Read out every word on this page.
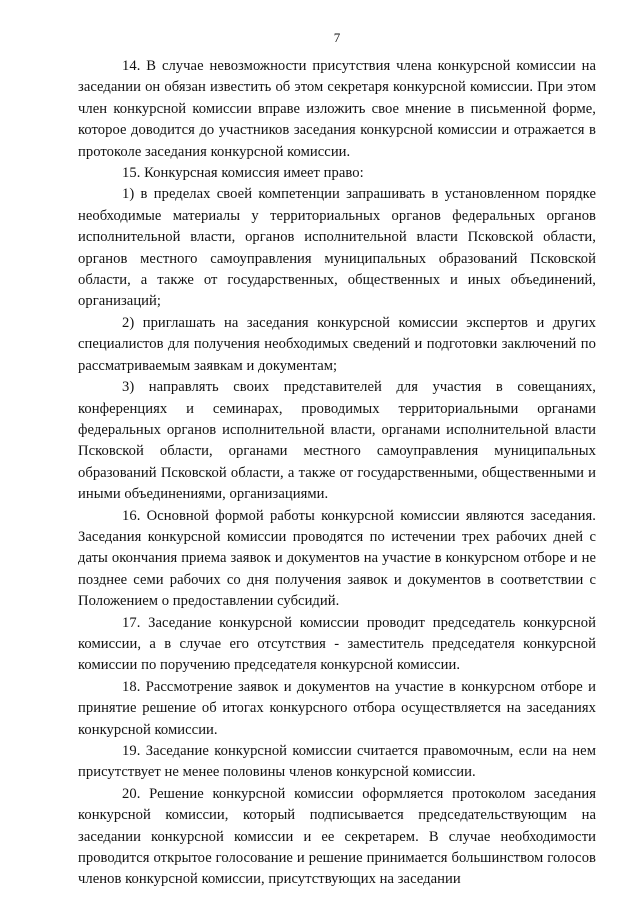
7

14. В случае невозможности присутствия члена конкурсной комиссии на заседании он обязан известить об этом секретаря конкурсной комиссии. При этом член конкурсной комиссии вправе изложить свое мнение в письменной форме, которое доводится до участников заседания конкурсной комиссии и отражается в протоколе заседания конкурсной комиссии.

15. Конкурсная комиссия имеет право:

1) в пределах своей компетенции запрашивать в установленном порядке необходимые материалы у территориальных органов федеральных органов исполнительной власти, органов исполнительной власти Псковской области, органов местного самоуправления муниципальных образований Псковской области, а также от государственных, общественных и иных объединений, организаций;

2) приглашать на заседания конкурсной комиссии экспертов и других специалистов для получения необходимых сведений и подготовки заключений по рассматриваемым заявкам и документам;

3) направлять своих представителей для участия в совещаниях, конференциях и семинарах, проводимых территориальными органами федеральных органов исполнительной власти, органами исполнительной власти Псковской области, органами местного самоуправления муниципальных образований Псковской области, а также от государственными, общественными и иными объединениями, организациями.

16. Основной формой работы конкурсной комиссии являются заседания. Заседания конкурсной комиссии проводятся по истечении трех рабочих дней с даты окончания приема заявок и документов на участие в конкурсном отборе и не позднее семи рабочих со дня получения заявок и документов в соответствии с Положением о предоставлении субсидий.

17. Заседание конкурсной комиссии проводит председатель конкурсной комиссии, а в случае его отсутствия - заместитель председателя конкурсной комиссии по поручению председателя конкурсной комиссии.

18. Рассмотрение заявок и документов на участие в конкурсном отборе и принятие решение об итогах конкурсного отбора осуществляется на заседаниях конкурсной комиссии.

19. Заседание конкурсной комиссии считается правомочным, если на нем присутствует не менее половины членов конкурсной комиссии.

20. Решение конкурсной комиссии оформляется протоколом заседания конкурсной комиссии, который подписывается председательствующим на заседании конкурсной комиссии и ее секретарем. В случае необходимости проводится открытое голосование и решение принимается большинством голосов членов конкурсной комиссии, присутствующих на заседании
